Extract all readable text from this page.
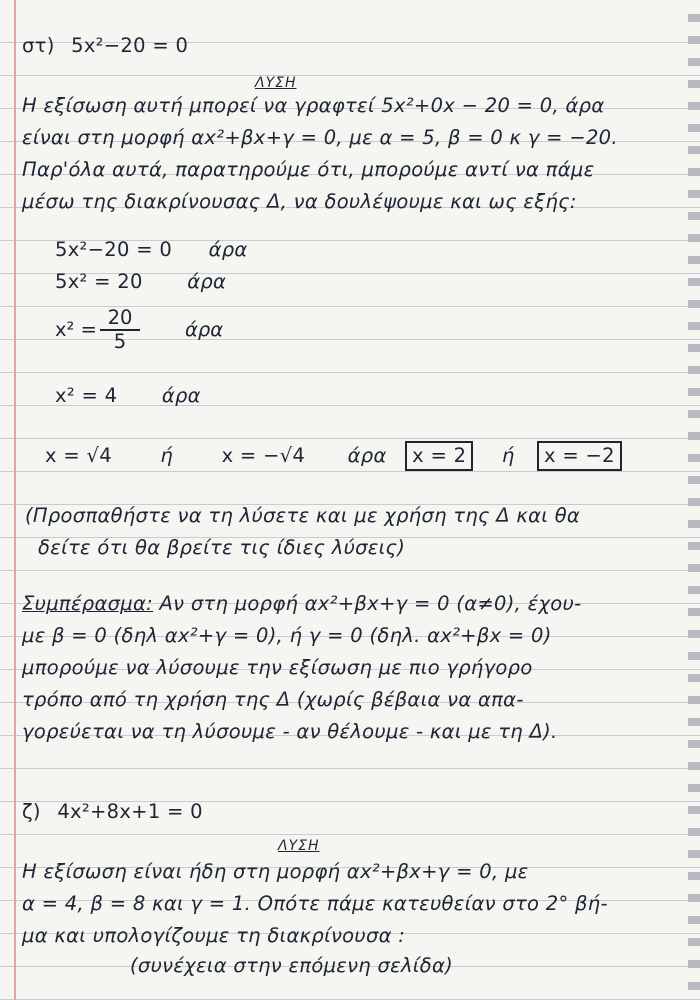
στ) 5x²−20 = 0

ΛΥΣΗ

Η εξίσωση αυτή μπορεί να γραφτεί 5x²+0x − 20 = 0, άρα

είναι στη μορφή αx²+βx+γ = 0, με α = 5, β = 0 κ γ = −20.

Παρ'όλα αυτά, παρατηρούμε ότι, μπορούμε αντί να πάμε

μέσω της διακρίνουσας Δ, να δουλέψουμε και ως εξής:

5x²−20 = 0 άρα

5x² = 20 άρα

$x^2 = \frac{20}{5}$ άρα

x² = 4 άρα

x = √4 ή x = −√4 άρα x = 2 ή x = −2

(Προσπαθήστε να τη λύσετε και με χρήση της Δ και θα

δείτε ότι θα βρείτε τις ίδιες λύσεις)

Συμπέρασμα: Αν στη μορφή αx²+βx+γ = 0 (α≠0), έχου-

με β = 0 (δηλ αx²+γ = 0), ή γ = 0 (δηλ. αx²+βx = 0)

μπορούμε να λύσουμε την εξίσωση με πιο γρήγορο

τρόπο από τη χρήση της Δ (χωρίς βέβαια να απα-

γορεύεται να τη λύσουμε - αν θέλουμε - και με τη Δ).

ζ) 4x²+8x+1 = 0

ΛΥΣΗ

Η εξίσωση είναι ήδη στη μορφή αx²+βx+γ = 0, με

α = 4, β = 8 και γ = 1. Οπότε πάμε κατευθείαν στο 2° βή-

μα και υπολογίζουμε τη διακρίνουσα :

(συνέχεια στην επόμενη σελίδα)
